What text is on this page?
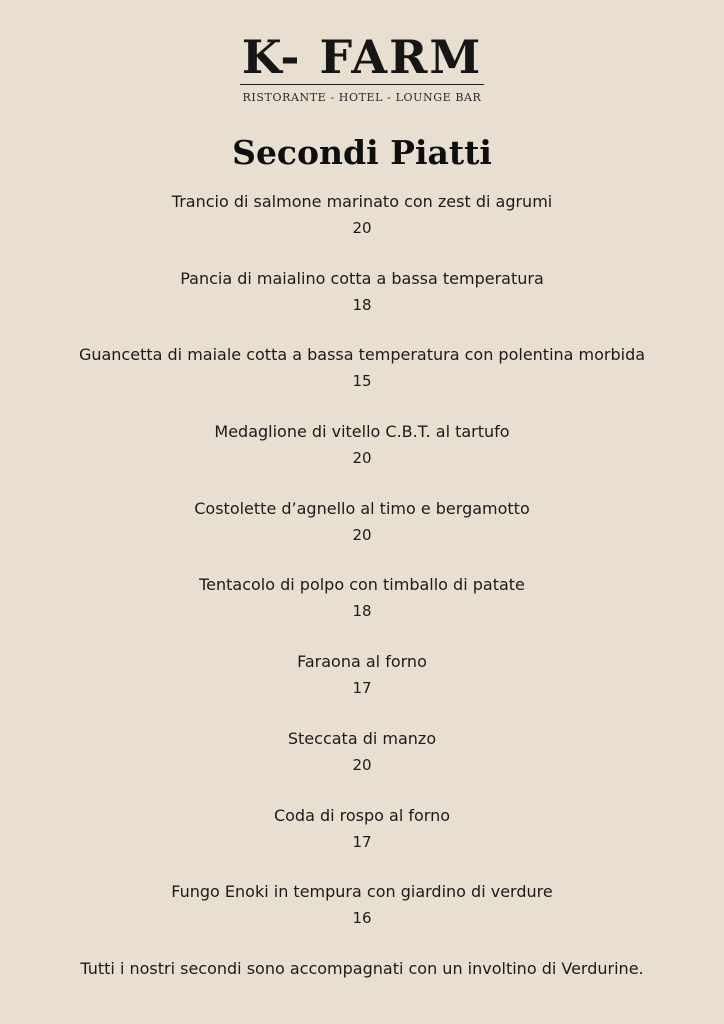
K- FARM
RISTORANTE - HOTEL - LOUNGE BAR
Secondi Piatti
Trancio di salmone marinato con zest di agrumi
20
Pancia di maialino cotta a bassa temperatura
18
Guancetta di maiale cotta a bassa temperatura con polentina morbida
15
Medaglione di vitello C.B.T. al tartufo
20
Costolette d’agnello al timo e bergamotto
20
Tentacolo di polpo con timballo di patate
18
Faraona al forno
17
Steccata di manzo
20
Coda di rospo al forno
17
Fungo Enoki in tempura con giardino di verdure
16

Tutti i nostri secondi sono accompagnati con un involtino di Verdurine.
